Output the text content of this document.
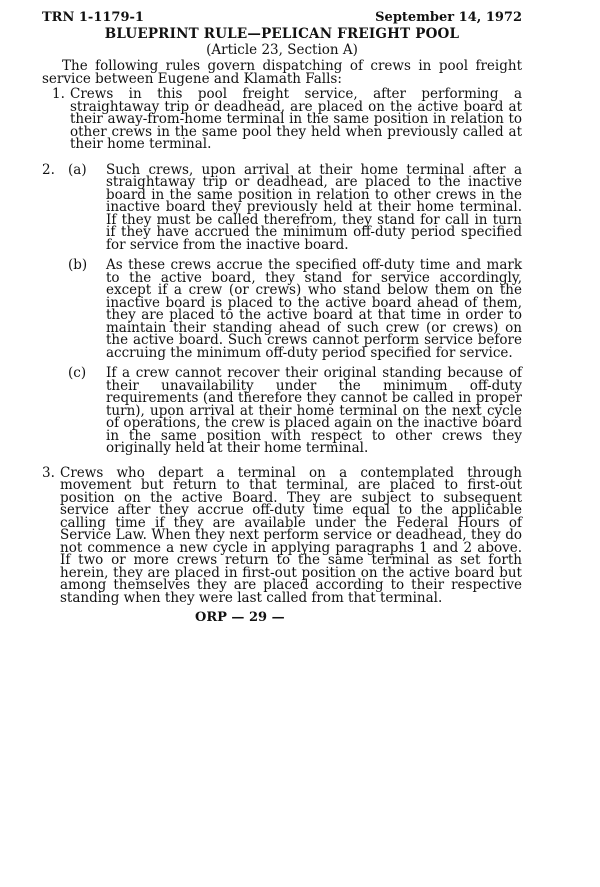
TRN 1-1179-1	September 14, 1972
BLUEPRINT RULE—PELICAN FREIGHT POOL
(Article 23, Section A)
The following rules govern dispatching of crews in pool freight service between Eugene and Klamath Falls:
1. Crews in this pool freight service, after performing a straightaway trip or deadhead, are placed on the active board at their away-from-home terminal in the same position in relation to other crews in the same pool they held when previously called at their home terminal.
2. (a) Such crews, upon arrival at their home terminal after a straightaway trip or deadhead, are placed to the inactive board in the same position in relation to other crews in the inactive board they previously held at their home terminal. If they must be called therefrom, they stand for call in turn if they have accrued the minimum off-duty period specified for service from the inactive board.
(b) As these crews accrue the specified off-duty time and mark to the active board, they stand for service accordingly, except if a crew (or crews) who stand below them on the inactive board is placed to the active board ahead of them, they are placed to the active board at that time in order to maintain their standing ahead of such crew (or crews) on the active board. Such crews cannot perform service before accruing the minimum off-duty period specified for service.
(c) If a crew cannot recover their original standing because of their unavailability under the minimum off-duty requirements (and therefore they cannot be called in proper turn), upon arrival at their home terminal on the next cycle of operations, the crew is placed again on the inactive board in the same position with respect to other crews they originally held at their home terminal.
3. Crews who depart a terminal on a contemplated through movement but return to that terminal, are placed to first-out position on the active Board. They are subject to subsequent service after they accrue off-duty time equal to the applicable calling time if they are available under the Federal Hours of Service Law. When they next perform service or deadhead, they do not commence a new cycle in applying paragraphs 1 and 2 above. If two or more crews return to the same terminal as set forth herein, they are placed in first-out position on the active board but among themselves they are placed according to their respective standing when they were last called from that terminal.
ORP — 29 —
